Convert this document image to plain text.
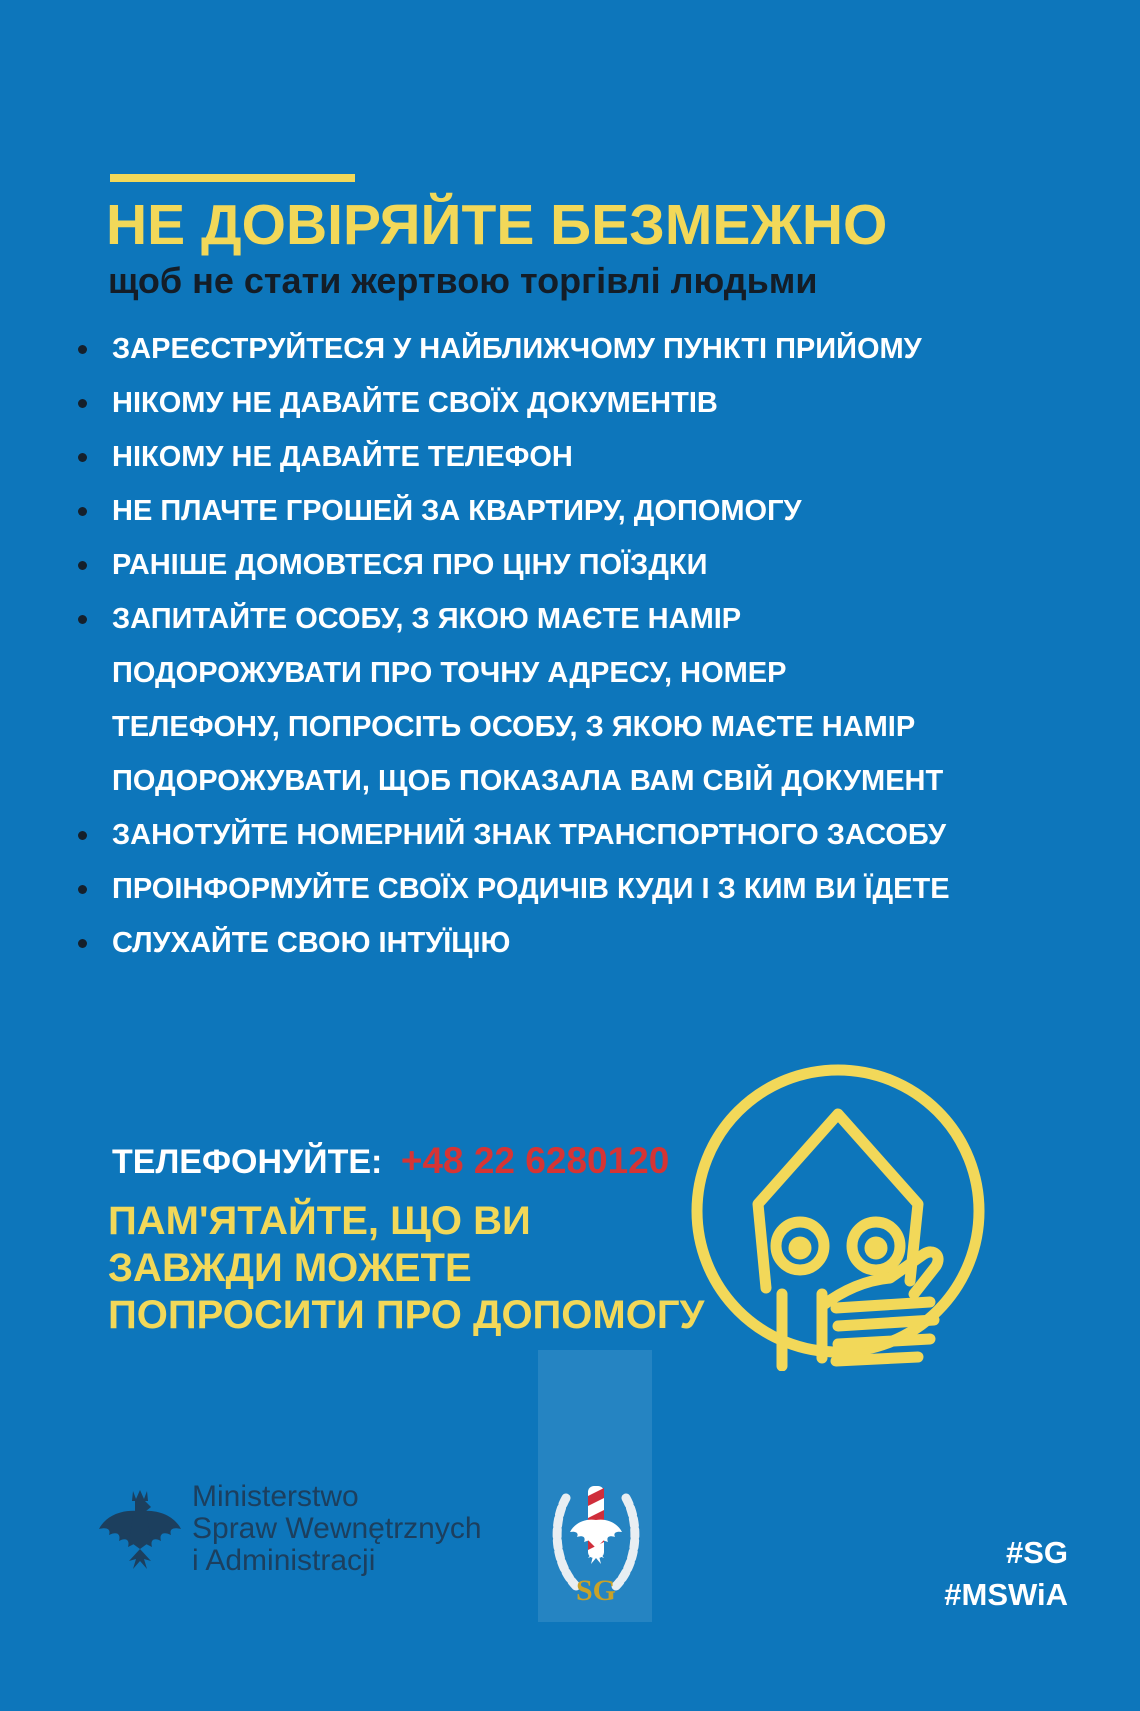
НЕ ДОВІРЯЙТЕ БЕЗМЕЖНО

щоб не стати жертвою торгівлі людьми

ЗАРЕЄСТРУЙТЕСЯ У НАЙБЛИЖЧОМУ ПУНКТІ ПРИЙОМУ
НІКОМУ НЕ ДАВАЙТЕ СВОЇХ ДОКУМЕНТІВ
НІКОМУ НЕ ДАВАЙТЕ ТЕЛЕФОН
НЕ ПЛАЧТЕ ГРОШЕЙ ЗА КВАРТИРУ, ДОПОМОГУ
РАНІШЕ ДОМОВТЕСЯ ПРО ЦІНУ ПОЇЗДКИ
ЗАПИТАЙТЕ ОСОБУ, З ЯКОЮ МАЄТЕ НАМІР ПОДОРОЖУВАТИ ПРО ТОЧНУ АДРЕСУ, НОМЕР ТЕЛЕФОНУ, ПОПРОСІТЬ ОСОБУ, З ЯКОЮ МАЄТЕ НАМІР ПОДОРОЖУВАТИ, ЩОБ ПОКАЗАЛА ВАМ СВІЙ ДОКУМЕНТ
ЗАНОТУЙТЕ НОМЕРНИЙ ЗНАК ТРАНСПОРТНОГО ЗАСОБУ
ПРОІНФОРМУЙТЕ СВОЇХ РОДИЧІВ КУДИ І З КИМ ВИ ЇДЕТЕ
СЛУХАЙТЕ СВОЮ ІНТУЇЦІЮ
ТЕЛЕФОНУЙТЕ: +48 22 6280120

ПАМ'ЯТАЙТЕ, ЩО ВИ ЗАВЖДИ МОЖЕТЕ ПОПРОСИТИ ПРО ДОПОМОГУ

Ministerstwo
Spraw Wewnętrznych
i Administracji
SG
#SG
#MSWiA
